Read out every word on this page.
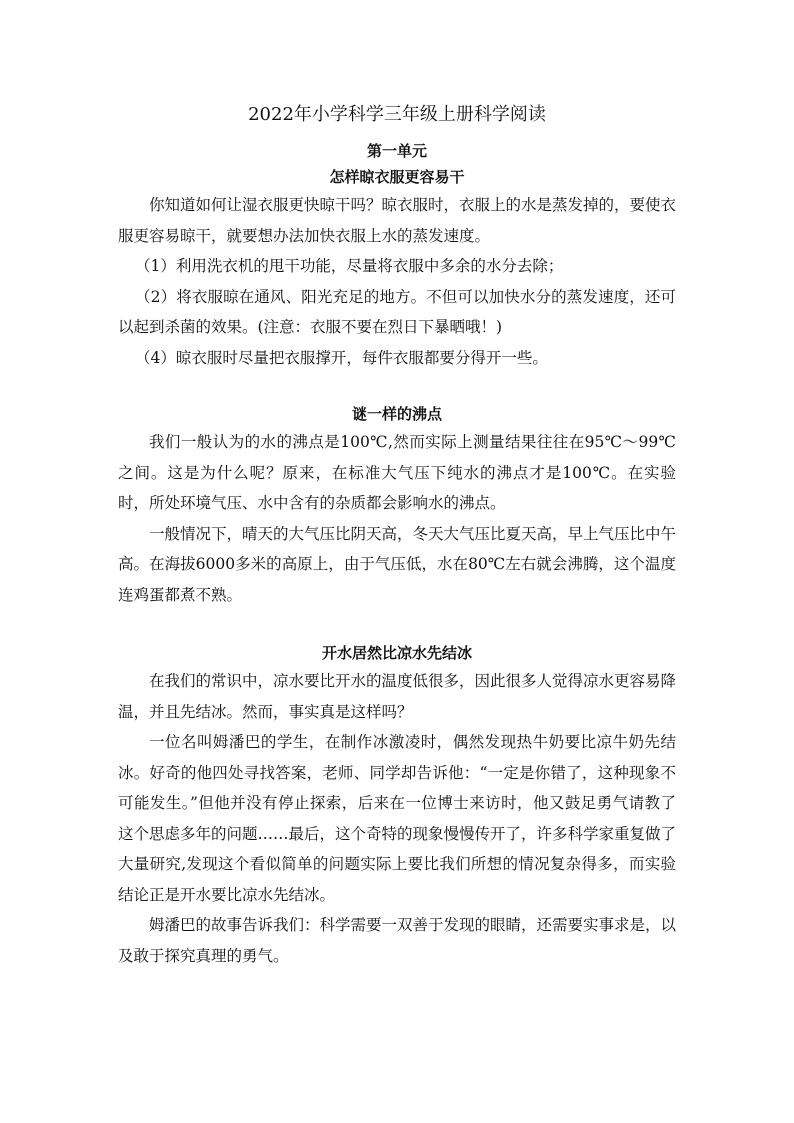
2022年小学科学三年级上册科学阅读
第一单元
怎样晾衣服更容易干

你知道如何让湿衣服更快晾干吗？晾衣服时，衣服上的水是蒸发掉的，要使衣服更容易晾干，就要想办法加快衣服上水的蒸发速度。

（1）利用洗衣机的甩干功能，尽量将衣服中多余的水分去除；

（2）将衣服晾在通风、阳光充足的地方。不但可以加快水分的蒸发速度，还可以起到杀菌的效果。(注意：衣服不要在烈日下暴晒哦！)

（4）晾衣服时尽量把衣服撑开，每件衣服都要分得开一些。

谜一样的沸点

我们一般认为的水的沸点是100℃,然而实际上测量结果往往在95℃～99℃之间。这是为什么呢？原来，在标准大气压下纯水的沸点才是100℃。在实验时，所处环境气压、水中含有的杂质都会影响水的沸点。

一般情况下，晴天的大气压比阴天高，冬天大气压比夏天高，早上气压比中午高。在海拔6000多米的高原上，由于气压低，水在80℃左右就会沸腾，这个温度连鸡蛋都煮不熟。

开水居然比凉水先结冰

在我们的常识中，凉水要比开水的温度低很多，因此很多人觉得凉水更容易降温，并且先结冰。然而，事实真是这样吗？

一位名叫姆潘巴的学生，在制作冰激凌时，偶然发现热牛奶要比凉牛奶先结冰。好奇的他四处寻找答案，老师、同学却告诉他：“一定是你错了，这种现象不可能发生。”但他并没有停止探索，后来在一位博士来访时，他又鼓足勇气请教了这个思虑多年的问题……最后，这个奇特的现象慢慢传开了，许多科学家重复做了大量研究,发现这个看似简单的问题实际上要比我们所想的情况复杂得多，而实验结论正是开水要比凉水先结冰。

姆潘巴的故事告诉我们：科学需要一双善于发现的眼睛，还需要实事求是，以及敢于探究真理的勇气。
